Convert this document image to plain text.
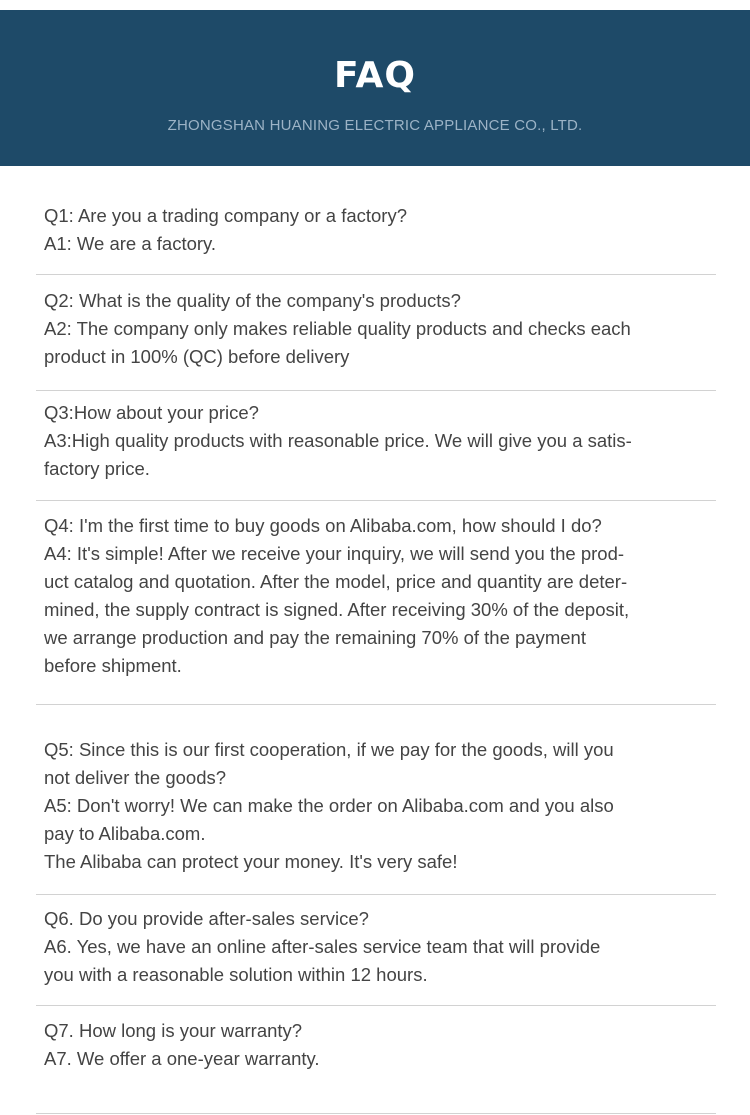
FAQ
ZHONGSHAN HUANING ELECTRIC APPLIANCE CO., LTD.
Q1: Are you a trading company or a factory?
A1: We are a factory.
Q2: What is the quality of the company's products?
A2: The company only makes reliable quality products and checks each
product in 100% (QC) before delivery
Q3:How about your price?
A3:High quality products with reasonable price. We will give you a satis-
factory price.
Q4: I'm the first time to buy goods on Alibaba.com, how should I do?
A4: It's simple! After we receive your inquiry, we will send you the prod-
uct catalog and quotation. After the model, price and quantity are deter-
mined, the supply contract is signed. After receiving 30% of the deposit,
we arrange production and pay the remaining 70% of the payment
before shipment.
Q5: Since this is our first cooperation, if we pay for the goods, will you
not deliver the goods?
A5: Don't worry! We can make the order on Alibaba.com and you also
pay to Alibaba.com.
The Alibaba can protect your money. It's very safe!
Q6. Do you provide after-sales service?
A6. Yes, we have an online after-sales service team that will provide
you with a reasonable solution within 12 hours.
Q7. How long is your warranty?
A7. We offer a one-year warranty.
